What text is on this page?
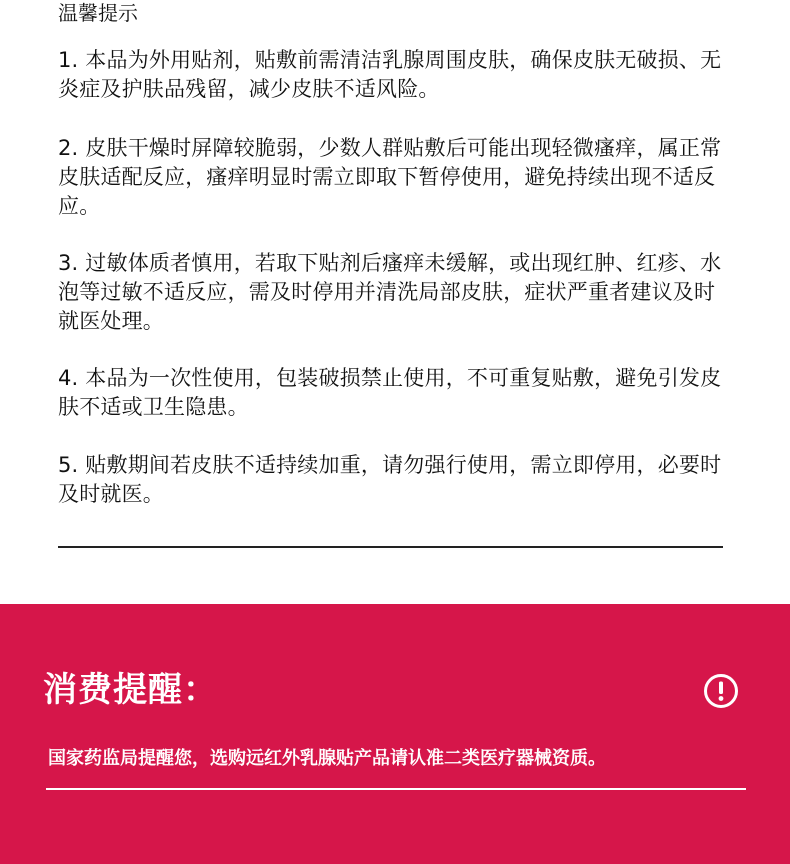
温馨提示
1. 本品为外用贴剂，贴敷前需清洁乳腺周围皮肤，确保皮肤无破损、无炎症及护肤品残留，减少皮肤不适风险。
2. 皮肤干燥时屏障较脆弱，少数人群贴敷后可能出现轻微瘙痒，属正常皮肤适配反应，瘙痒明显时需立即取下暂停使用，避免持续出现不适反应。
3. 过敏体质者慎用，若取下贴剂后瘙痒未缓解，或出现红肿、红疹、水泡等过敏不适反应，需及时停用并清洗局部皮肤，症状严重者建议及时就医处理。
4. 本品为一次性使用，包装破损禁止使用，不可重复贴敷，避免引发皮肤不适或卫生隐患。
5. 贴敷期间若皮肤不适持续加重，请勿强行使用，需立即停用，必要时及时就医。
消费提醒：
国家药监局提醒您，选购远红外乳腺贴产品请认准二类医疗器械资质。
